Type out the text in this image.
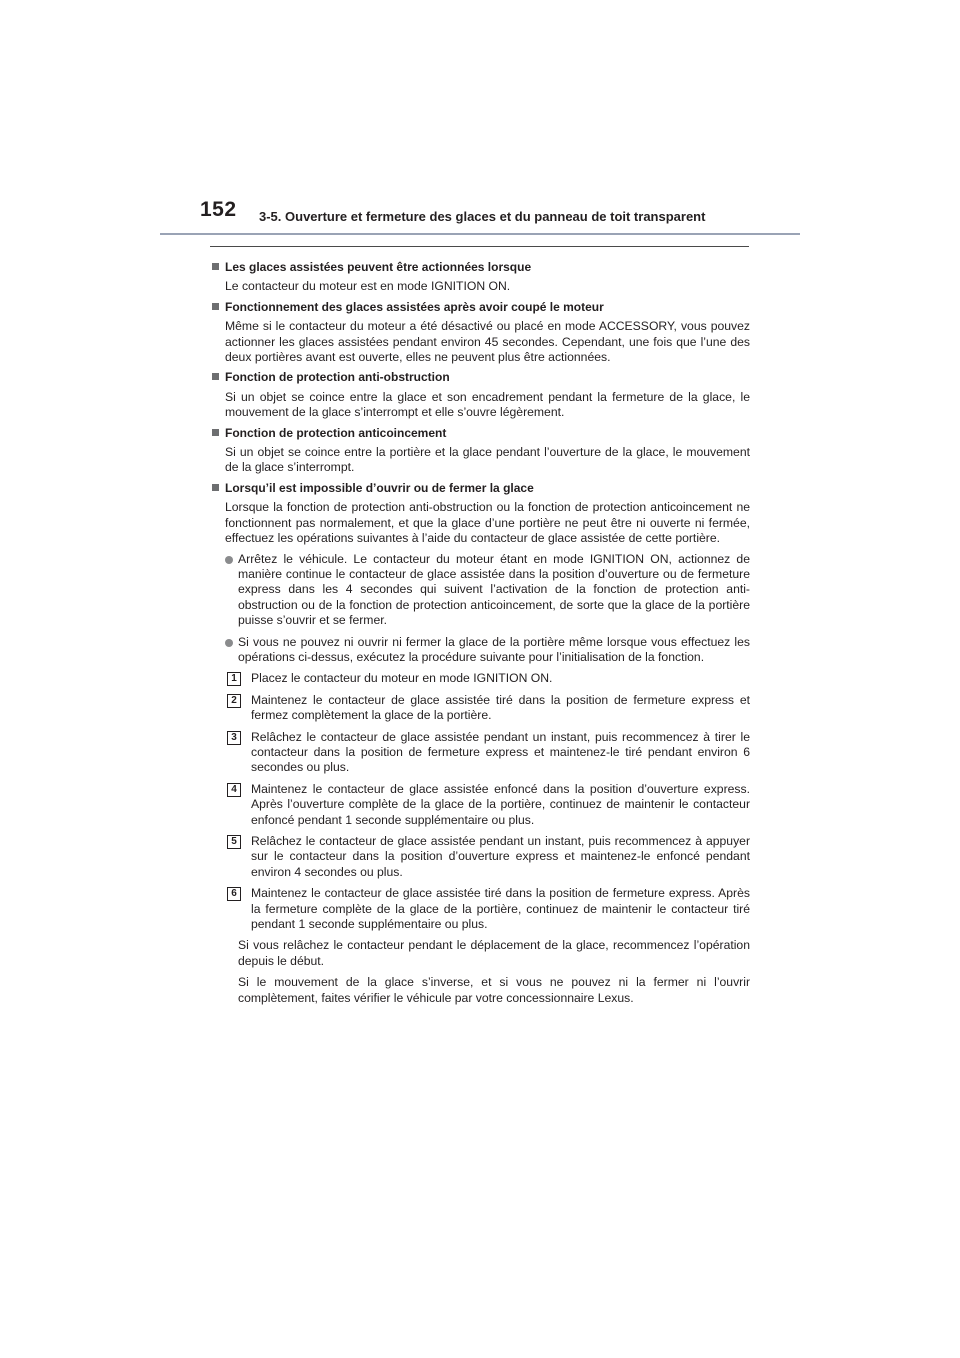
152 3-5. Ouverture et fermeture des glaces et du panneau de toit transparent
Les glaces assistées peuvent être actionnées lorsque

Le contacteur du moteur est en mode IGNITION ON.

Fonctionnement des glaces assistées après avoir coupé le moteur

Même si le contacteur du moteur a été désactivé ou placé en mode ACCESSORY, vous pouvez actionner les glaces assistées pendant environ 45 secondes. Cependant, une fois que l’une des deux portières avant est ouverte, elles ne peuvent plus être actionnées.

Fonction de protection anti-obstruction

Si un objet se coince entre la glace et son encadrement pendant la fermeture de la glace, le mouvement de la glace s’interrompt et elle s’ouvre légèrement.

Fonction de protection anticoincement

Si un objet se coince entre la portière et la glace pendant l’ouverture de la glace, le mouvement de la glace s’interrompt.

Lorsqu’il est impossible d’ouvrir ou de fermer la glace

Lorsque la fonction de protection anti-obstruction ou la fonction de protection anticoincement ne fonctionnent pas normalement, et que la glace d’une portière ne peut être ni ouverte ni fermée, effectuez les opérations suivantes à l’aide du contacteur de glace assistée de cette portière.

Arrêtez le véhicule. Le contacteur du moteur étant en mode IGNITION ON, actionnez de manière continue le contacteur de glace assistée dans la position d’ouverture ou de fermeture express dans les 4 secondes qui suivent l’activation de la fonction de protection anti-obstruction ou de la fonction de protection anticoincement, de sorte que la glace de la portière puisse s’ouvrir et se fermer.
Si vous ne pouvez ni ouvrir ni fermer la glace de la portière même lorsque vous effectuez les opérations ci-dessus, exécutez la procédure suivante pour l’initialisation de la fonction.
1	Placez le contacteur du moteur en mode IGNITION ON.
2	Maintenez le contacteur de glace assistée tiré dans la position de fermeture express et fermez complètement la glace de la portière.
3	Relâchez le contacteur de glace assistée pendant un instant, puis recommencez à tirer le contacteur dans la position de fermeture express et maintenez-le tiré pendant environ 6 secondes ou plus.
4	Maintenez le contacteur de glace assistée enfoncé dans la position d’ouverture express. Après l’ouverture complète de la glace de la portière, continuez de maintenir le contacteur enfoncé pendant 1 seconde supplémentaire ou plus.
5	Relâchez le contacteur de glace assistée pendant un instant, puis recommencez à appuyer sur le contacteur dans la position d’ouverture express et maintenez-le enfoncé pendant environ 4 secondes ou plus.
6	Maintenez le contacteur de glace assistée tiré dans la position de fermeture express. Après la fermeture complète de la glace de la portière, continuez de maintenir le contacteur tiré pendant 1 seconde supplémentaire ou plus.

Si vous relâchez le contacteur pendant le déplacement de la glace, recommencez l’opération depuis le début.

Si le mouvement de la glace s’inverse, et si vous ne pouvez ni la fermer ni l’ouvrir complètement, faites vérifier le véhicule par votre concessionnaire Lexus.
